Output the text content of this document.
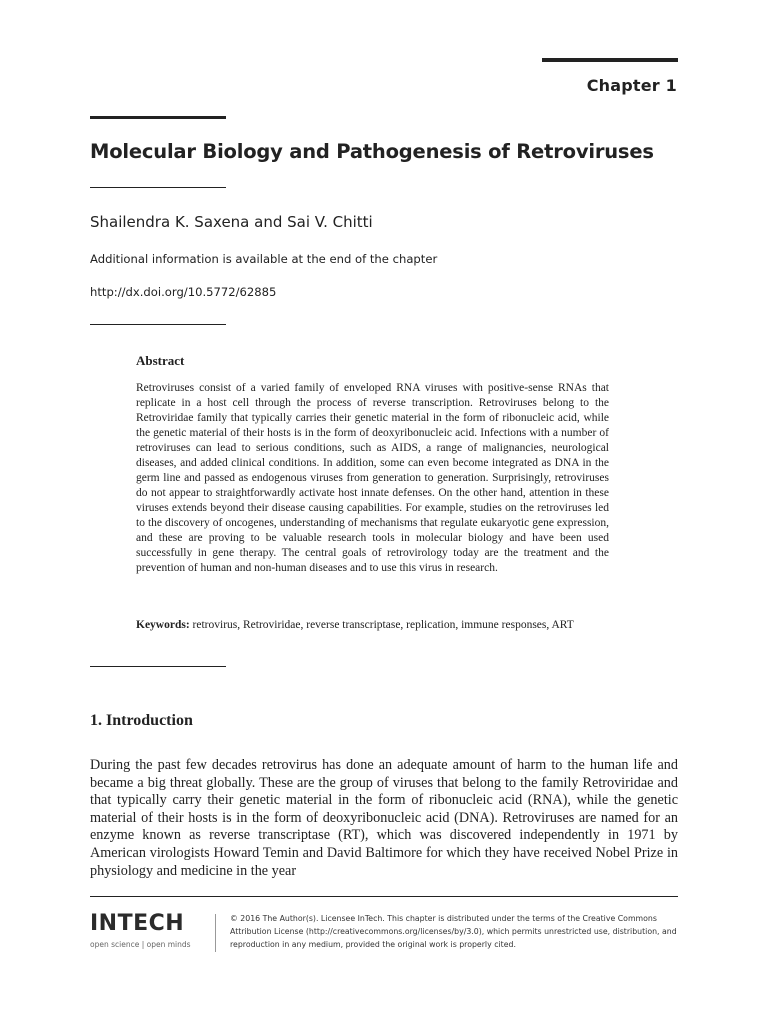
Chapter 1
Molecular Biology and Pathogenesis of Retroviruses
Shailendra K. Saxena and Sai V. Chitti
Additional information is available at the end of the chapter
http://dx.doi.org/10.5772/62885
Abstract
Retroviruses consist of a varied family of enveloped RNA viruses with positive-sense RNAs that replicate in a host cell through the process of reverse transcription. Retroviruses belong to the Retroviridae family that typically carries their genetic material in the form of ribonucleic acid, while the genetic material of their hosts is in the form of deoxyribonucleic acid. Infections with a number of retroviruses can lead to serious conditions, such as AIDS, a range of malignancies, neurological diseases, and added clinical conditions. In addition, some can even become integrated as DNA in the germ line and passed as endogenous viruses from generation to generation. Surprisingly, retroviruses do not appear to straightforwardly activate host innate defenses. On the other hand, attention in these viruses extends beyond their disease causing capabilities. For example, studies on the retroviruses led to the discovery of oncogenes, understanding of mechanisms that regulate eukaryotic gene expression, and these are proving to be valuable research tools in molecular biology and have been used successfully in gene therapy. The central goals of retrovirology today are the treatment and the prevention of human and non-human diseases and to use this virus in research.
Keywords: retrovirus, Retroviridae, reverse transcriptase, replication, immune responses, ART
1. Introduction
During the past few decades retrovirus has done an adequate amount of harm to the human life and became a big threat globally. These are the group of viruses that belong to the family Retroviridae and that typically carry their genetic material in the form of ribonucleic acid (RNA), while the genetic material of their hosts is in the form of deoxyribonucleic acid (DNA). Retroviruses are named for an enzyme known as reverse transcriptase (RT), which was discovered independently in 1971 by American virologists Howard Temin and David Baltimore for which they have received Nobel Prize in physiology and medicine in the year
INTECH
open science | open minds
© 2016 The Author(s). Licensee InTech. This chapter is distributed under the terms of the Creative Commons Attribution License (http://creativecommons.org/licenses/by/3.0), which permits unrestricted use, distribution, and reproduction in any medium, provided the original work is properly cited.
